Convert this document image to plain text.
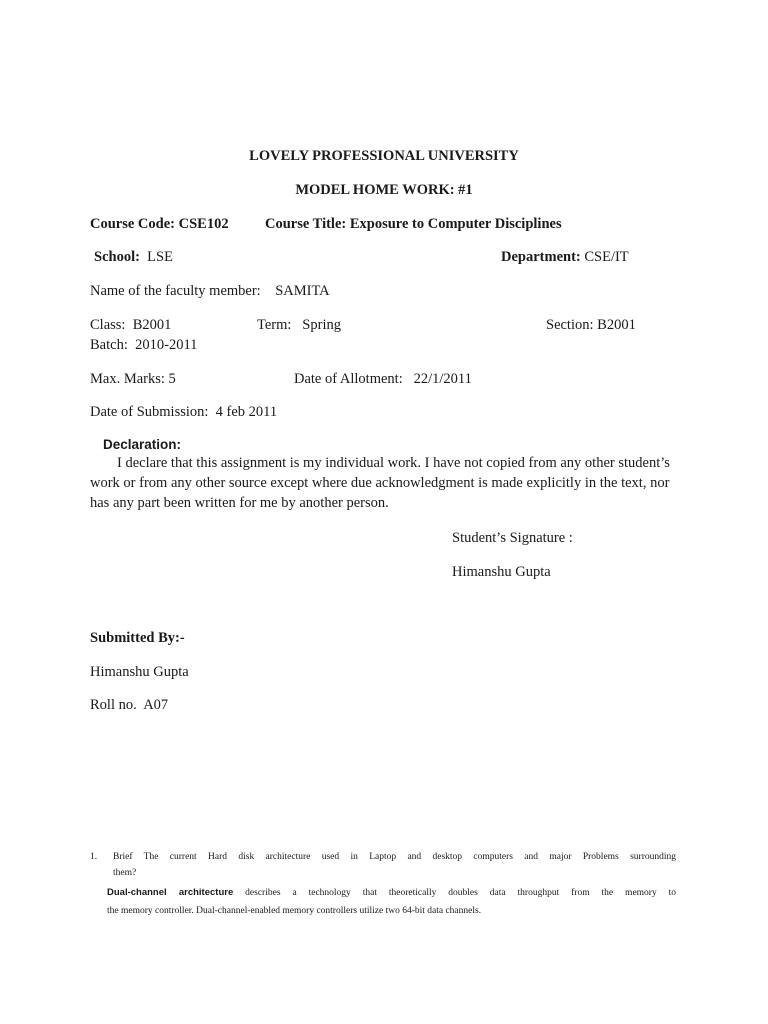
LOVELY PROFESSIONAL UNIVERSITY
MODEL HOME WORK: #1
Course Code: CSE102	Course Title: Exposure to Computer Disciplines
School: LSE	Department: CSE/IT
Name of the faculty member: SAMITA
Class: B2001	Term: Spring	Section: B2001
Batch: 2010-2011
Max. Marks: 5	Date of Allotment: 22/1/2011
Date of Submission: 4 feb 2011
Declaration:
I declare that this assignment is my individual work. I have not copied from any other student’s work or from any other source except where due acknowledgment is made explicitly in the text, nor has any part been written for me by another person.
Student’s Signature :
Himanshu Gupta
Submitted By:-
Himanshu Gupta
Roll no. A07
1. Brief The current Hard disk architecture used in Laptop and desktop computers and major Problems surrounding
them?
Dual-channel architecture describes a technology that theoretically doubles data throughput from the memory to
the memory controller. Dual-channel-enabled memory controllers utilize two 64-bit data channels.
